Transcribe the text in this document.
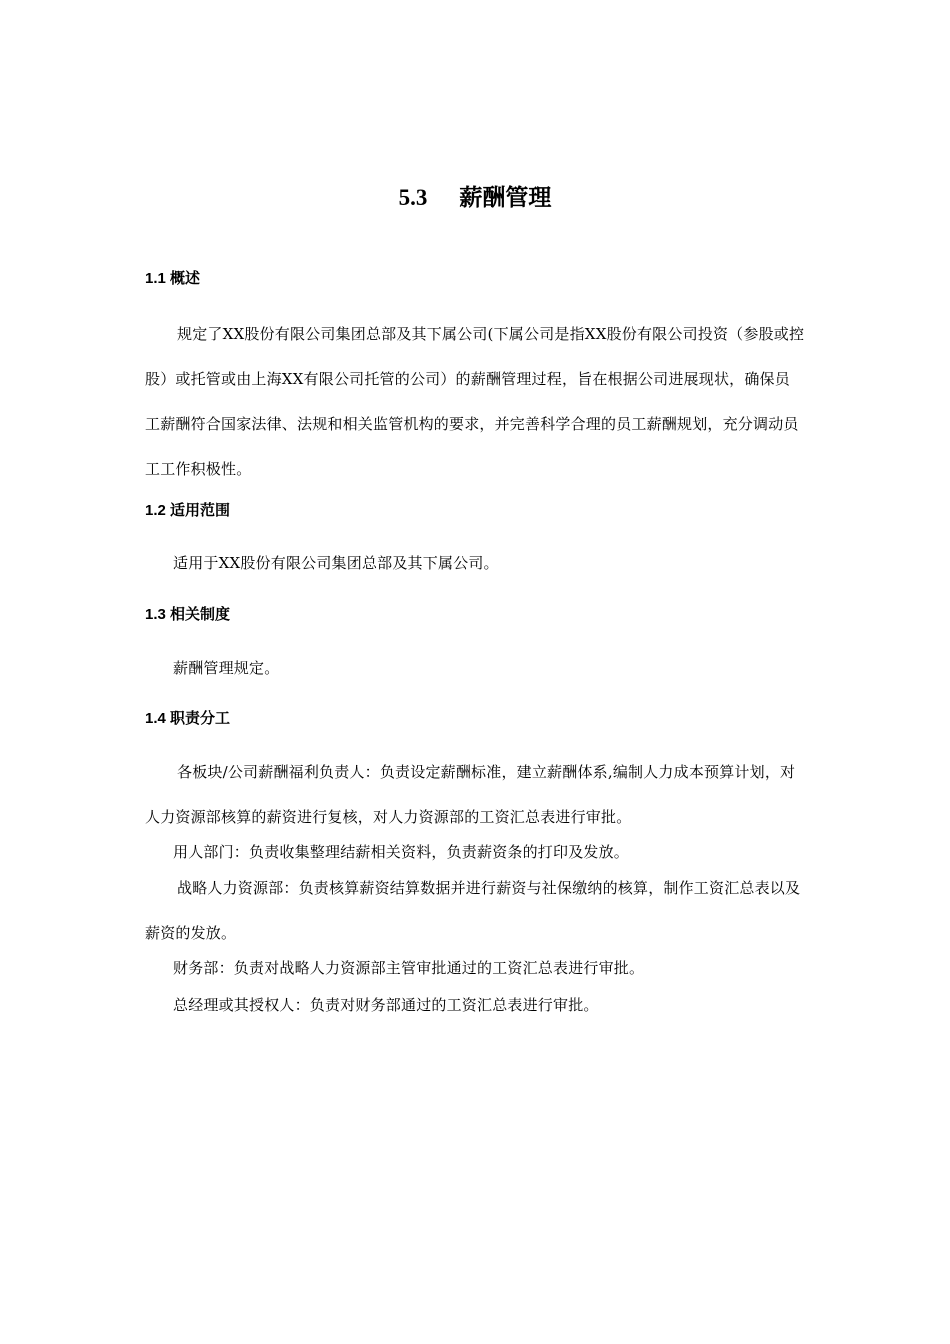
5.3 薪酬管理
1.1 概述
规定了XX股份有限公司集团总部及其下属公司(下属公司是指XX股份有限公司投资（参股或控股）或托管或由上海XX有限公司托管的公司）的薪酬管理过程，旨在根据公司进展现状，确保员工薪酬符合国家法律、法规和相关监管机构的要求，并完善科学合理的员工薪酬规划，充分调动员工工作积极性。
1.2 适用范围
适用于XX股份有限公司集团总部及其下属公司。
1.3 相关制度
薪酬管理规定。
1.4 职责分工
各板块/公司薪酬福利负责人：负责设定薪酬标准，建立薪酬体系,编制人力成本预算计划，对人力资源部核算的薪资进行复核，对人力资源部的工资汇总表进行审批。
用人部门：负责收集整理结薪相关资料，负责薪资条的打印及发放。
战略人力资源部：负责核算薪资结算数据并进行薪资与社保缴纳的核算，制作工资汇总表以及薪资的发放。
财务部：负责对战略人力资源部主管审批通过的工资汇总表进行审批。
总经理或其授权人：负责对财务部通过的工资汇总表进行审批。
